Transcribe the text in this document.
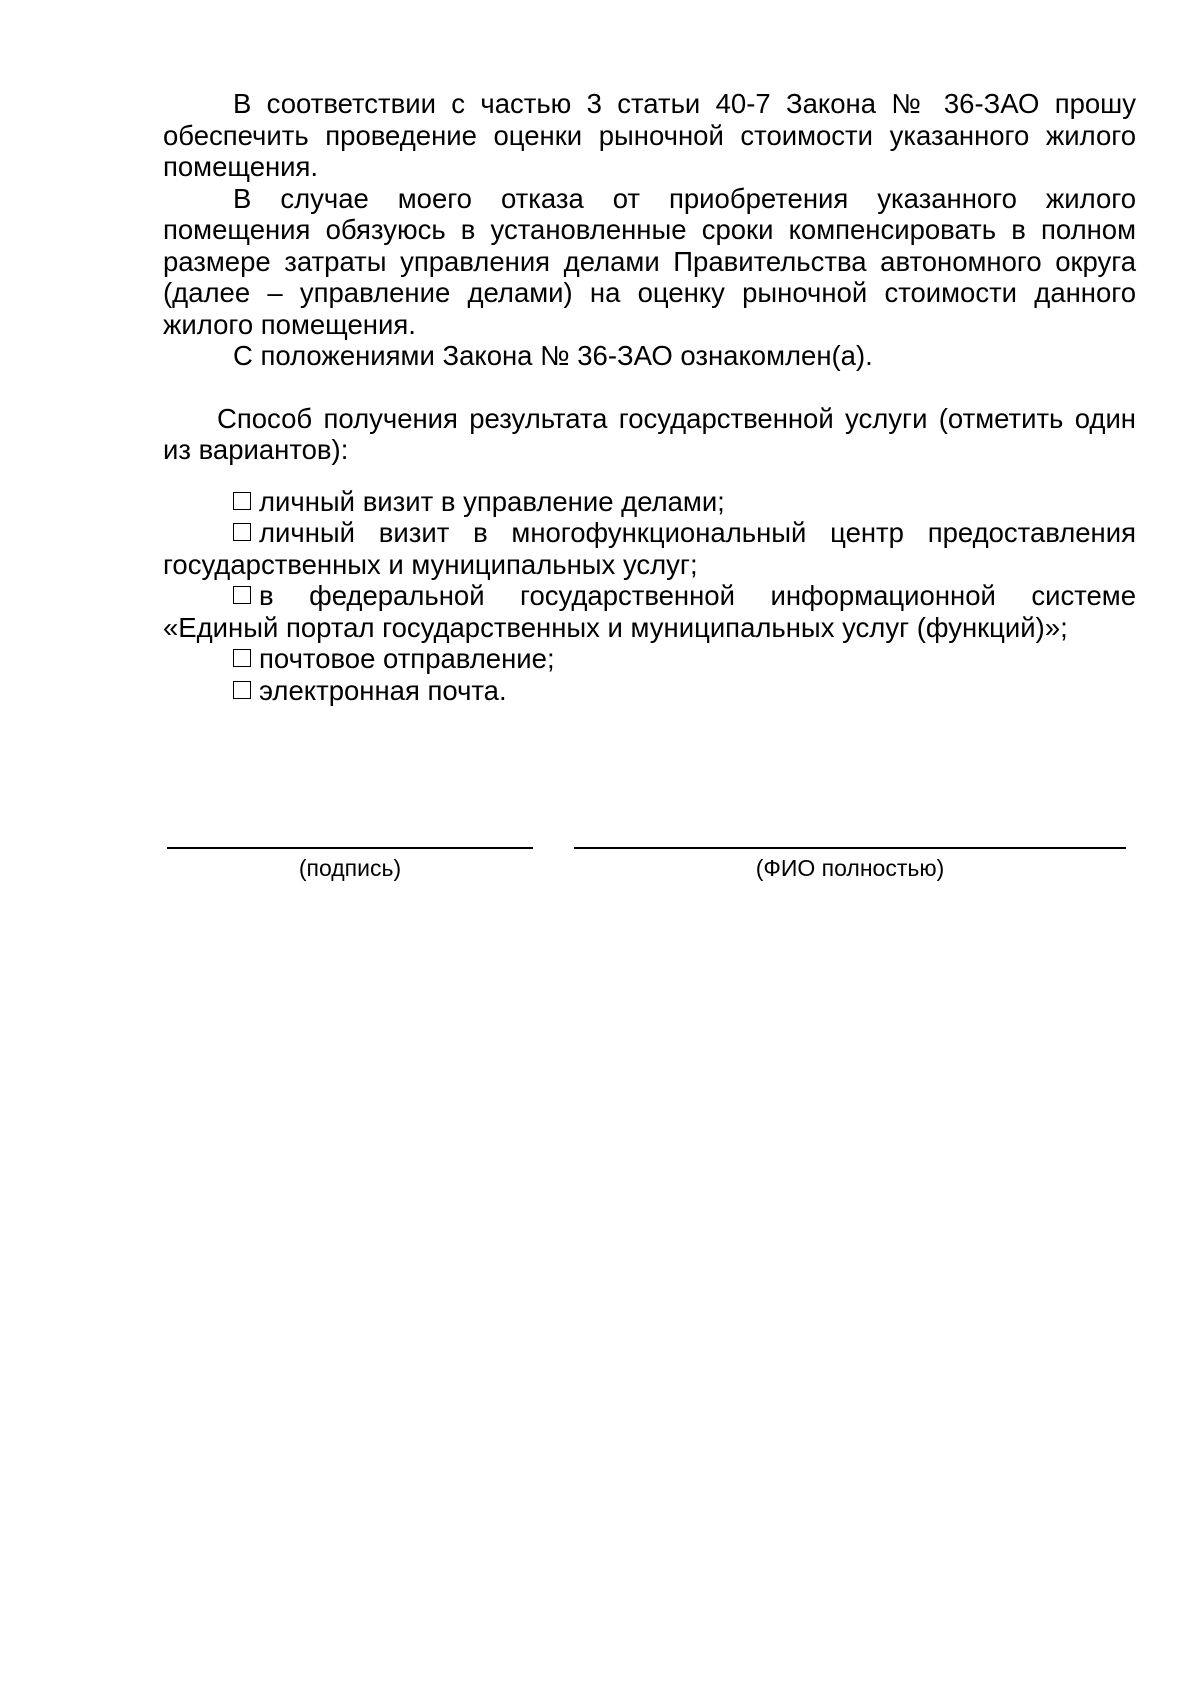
В соответствии с частью 3 статьи 40-7 Закона № 36-ЗАО прошу обеспечить проведение оценки рыночной стоимости указанного жилого помещения.

В случае моего отказа от приобретения указанного жилого помещения обязуюсь в установленные сроки компенсировать в полном размере затраты управления делами Правительства автономного округа (далее – управление делами) на оценку рыночной стоимости данного жилого помещения.

С положениями Закона № 36-ЗАО ознакомлен(а).

Способ получения результата государственной услуги (отметить один из вариантов):

личный визит в управление делами;

личный визит в многофункциональный центр предоставления государственных и муниципальных услуг;

в федеральной государственной информационной системе «Единый портал государственных и муниципальных услуг (функций)»;

почтовое отправление;

электронная почта.

(подпись)	(ФИО полностью)
